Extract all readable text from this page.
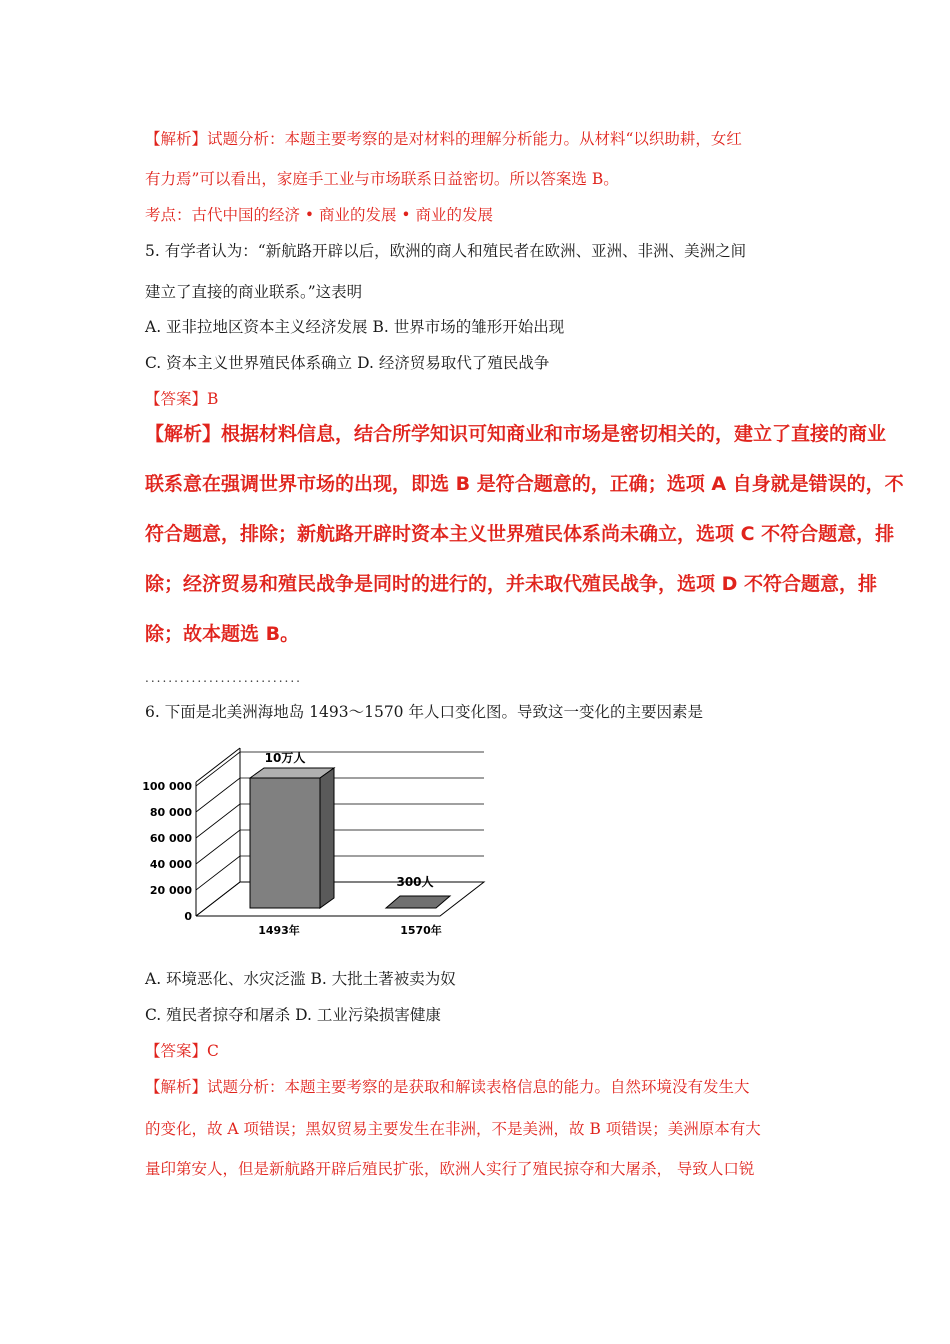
【解析】试题分析：本题主要考察的是对材料的理解分析能力。从材料“以织助耕，女红
有力焉”可以看出，家庭手工业与市场联系日益密切。所以答案选 B。
考点：古代中国的经济 • 商业的发展 • 商业的发展
5. 有学者认为：“新航路开辟以后，欧洲的商人和殖民者在欧洲、亚洲、非洲、美洲之间
建立了直接的商业联系。”这表明
A. 亚非拉地区资本主义经济发展 B. 世界市场的雏形开始出现
C. 资本主义世界殖民体系确立 D. 经济贸易取代了殖民战争
【答案】B
【解析】根据材料信息，结合所学知识可知商业和市场是密切相关的，建立了直接的商业
联系意在强调世界市场的出现，即选 B 是符合题意的，正确；选项 A 自身就是错误的，不
符合题意，排除；新航路开辟时资本主义世界殖民体系尚未确立，选项 C 不符合题意，排
除；经济贸易和殖民战争是同时的进行的，并未取代殖民战争，选项 D 不符合题意，排
除；故本题选 B。
...........................
6. 下面是北美洲海地岛 1493～1570 年人口变化图。导致这一变化的主要因素是
100 000
80 000
60 000
40 000
20 000
0
10万人
1493年
300人
1570年
A. 环境恶化、水灾泛滥 B. 大批土著被卖为奴
C. 殖民者掠夺和屠杀 D. 工业污染损害健康
【答案】C
【解析】试题分析：本题主要考察的是获取和解读表格信息的能力。自然环境没有发生大
的变化，故 A 项错误；黑奴贸易主要发生在非洲，不是美洲，故 B 项错误；美洲原本有大
量印第安人，但是新航路开辟后殖民扩张，欧洲人实行了殖民掠夺和大屠杀， 导致人口锐
